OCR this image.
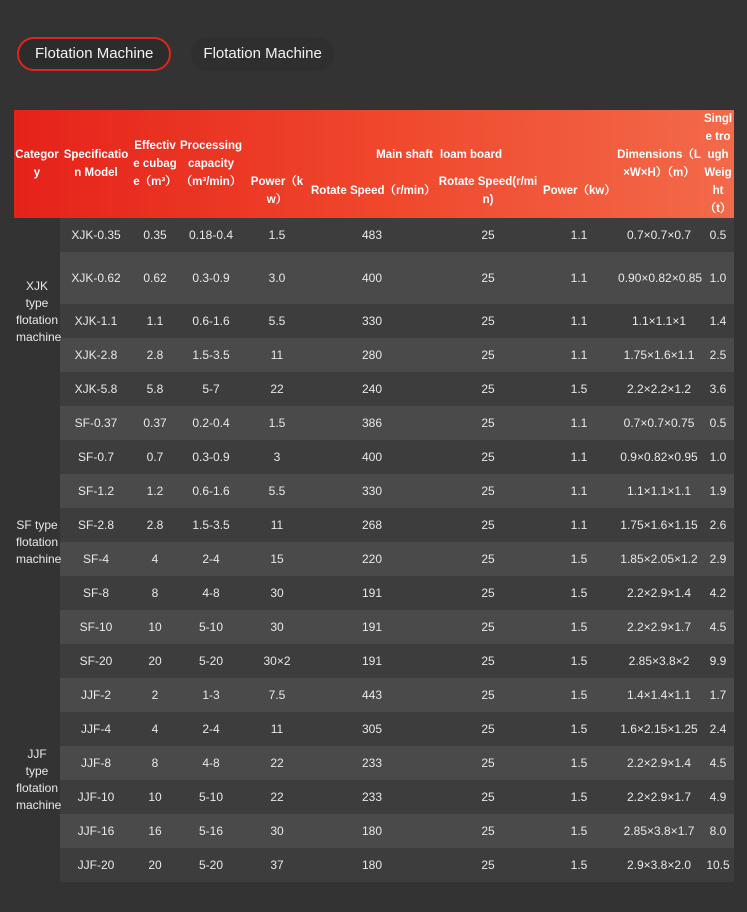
Flotation Machine	Flotation Machine
Category	Specification Model	Effective cubage（m³）	Processing capacity（m³/min）	Main shaft		loam board		Dimensions（L×W×H）（m）	Single trough Weight（t）
				Power（kw）	Rotate Speed（r/min）	Rotate Speed(r/min)	Power（kw）		
XJK type flotation machine	XJK-0.35	0.35	0.18-0.4	1.5	483	25	1.1	0.7×0.7×0.7	0.5
	XJK-0.62	0.62	0.3-0.9	3.0	400	25	1.1	0.90×0.82×0.85	1.0
	XJK-1.1	1.1	0.6-1.6	5.5	330	25	1.1	1.1×1.1×1	1.4
	XJK-2.8	2.8	1.5-3.5	11	280	25	1.1	1.75×1.6×1.1	2.5
	XJK-5.8	5.8	5-7	22	240	25	1.5	2.2×2.2×1.2	3.6
SF type flotation machine	SF-0.37	0.37	0.2-0.4	1.5	386	25	1.1	0.7×0.7×0.75	0.5
	SF-0.7	0.7	0.3-0.9	3	400	25	1.1	0.9×0.82×0.95	1.0
	SF-1.2	1.2	0.6-1.6	5.5	330	25	1.1	1.1×1.1×1.1	1.9
	SF-2.8	2.8	1.5-3.5	11	268	25	1.1	1.75×1.6×1.15	2.6
	SF-4	4	2-4	15	220	25	1.5	1.85×2.05×1.2	2.9
	SF-8	8	4-8	30	191	25	1.5	2.2×2.9×1.4	4.2
	SF-10	10	5-10	30	191	25	1.5	2.2×2.9×1.7	4.5
	SF-20	20	5-20	30×2	191	25	1.5	2.85×3.8×2	9.9
JJF type flotation machine	JJF-2	2	1-3	7.5	443	25	1.5	1.4×1.4×1.1	1.7
	JJF-4	4	2-4	11	305	25	1.5	1.6×2.15×1.25	2.4
	JJF-8	8	4-8	22	233	25	1.5	2.2×2.9×1.4	4.5
	JJF-10	10	5-10	22	233	25	1.5	2.2×2.9×1.7	4.9
	JJF-16	16	5-16	30	180	25	1.5	2.85×3.8×1.7	8.0
	JJF-20	20	5-20	37	180	25	1.5	2.9×3.8×2.0	10.5
